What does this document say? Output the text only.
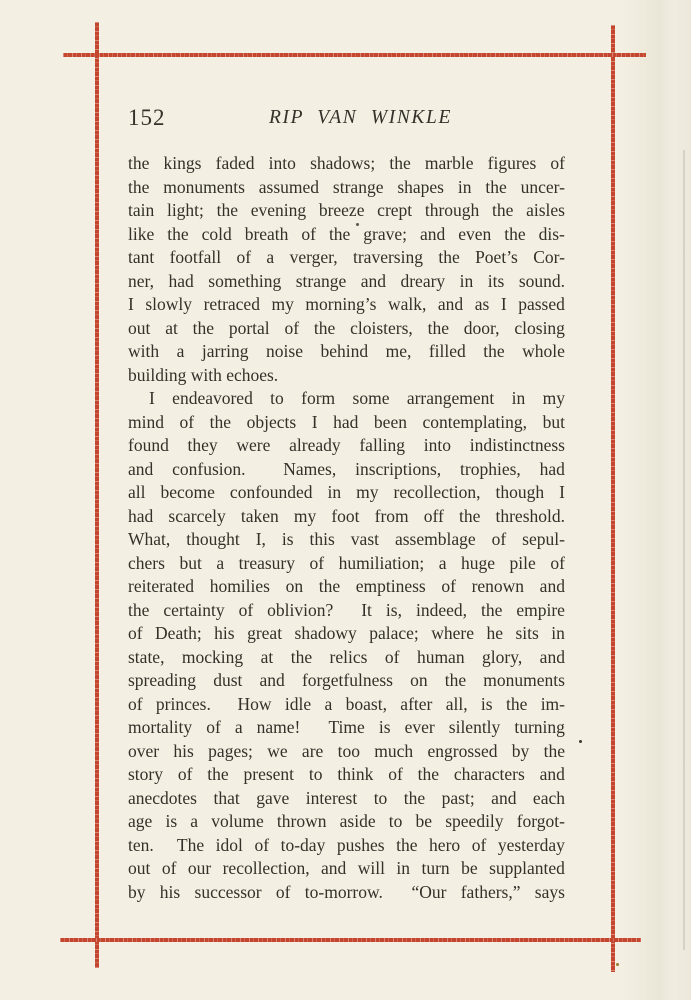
152	RIP VAN WINKLE
the kings faded into shadows; the marble figures of
the monuments assumed strange shapes in the uncer-
tain light; the evening breeze crept through the aisles
like the cold breath of the grave; and even the dis-
tant footfall of a verger, traversing the Poet’s Cor-
ner, had something strange and dreary in its sound.
I slowly retraced my morning’s walk, and as I passed
out at the portal of the cloisters, the door, closing
with a jarring noise behind me, filled the whole
building with echoes.
I endeavored to form some arrangement in my
mind of the objects I had been contemplating, but
found they were already falling into indistinctness
and confusion. Names, inscriptions, trophies, had
all become confounded in my recollection, though I
had scarcely taken my foot from off the threshold.
What, thought I, is this vast assemblage of sepul-
chers but a treasury of humiliation; a huge pile of
reiterated homilies on the emptiness of renown and
the certainty of oblivion? It is, indeed, the empire
of Death; his great shadowy palace; where he sits in
state, mocking at the relics of human glory, and
spreading dust and forgetfulness on the monuments
of princes. How idle a boast, after all, is the im-
mortality of a name! Time is ever silently turning
over his pages; we are too much engrossed by the
story of the present to think of the characters and
anecdotes that gave interest to the past; and each
age is a volume thrown aside to be speedily forgot-
ten. The idol of to-day pushes the hero of yesterday
out of our recollection, and will in turn be supplanted
by his successor of to-morrow. “Our fathers,” says
